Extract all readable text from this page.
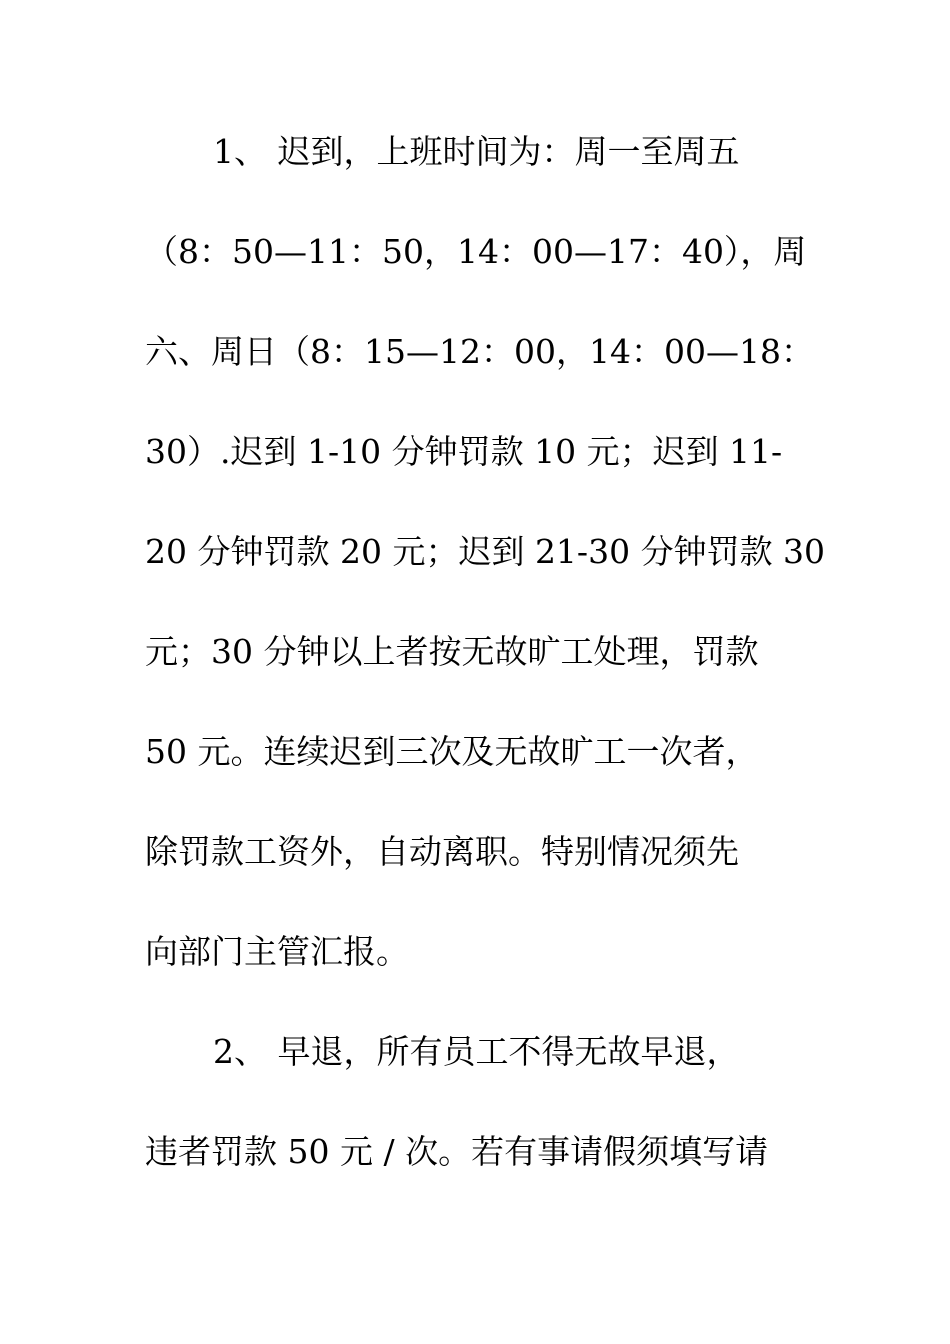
1、 迟到，上班时间为：周一至周五
（8：50—11：50，14：00—17：40），周
六、周日（8：15—12：00，14：00—18：
30）.迟到 1-10 分钟罚款 10 元；迟到 11-
20 分钟罚款 20 元；迟到 21-30 分钟罚款 30
元；30 分钟以上者按无故旷工处理，罚款
50 元。连续迟到三次及无故旷工一次者，
除罚款工资外，自动离职。特别情况须先
向部门主管汇报。
2、 早退，所有员工不得无故早退，
违者罚款 50 元 / 次。若有事请假须填写请
